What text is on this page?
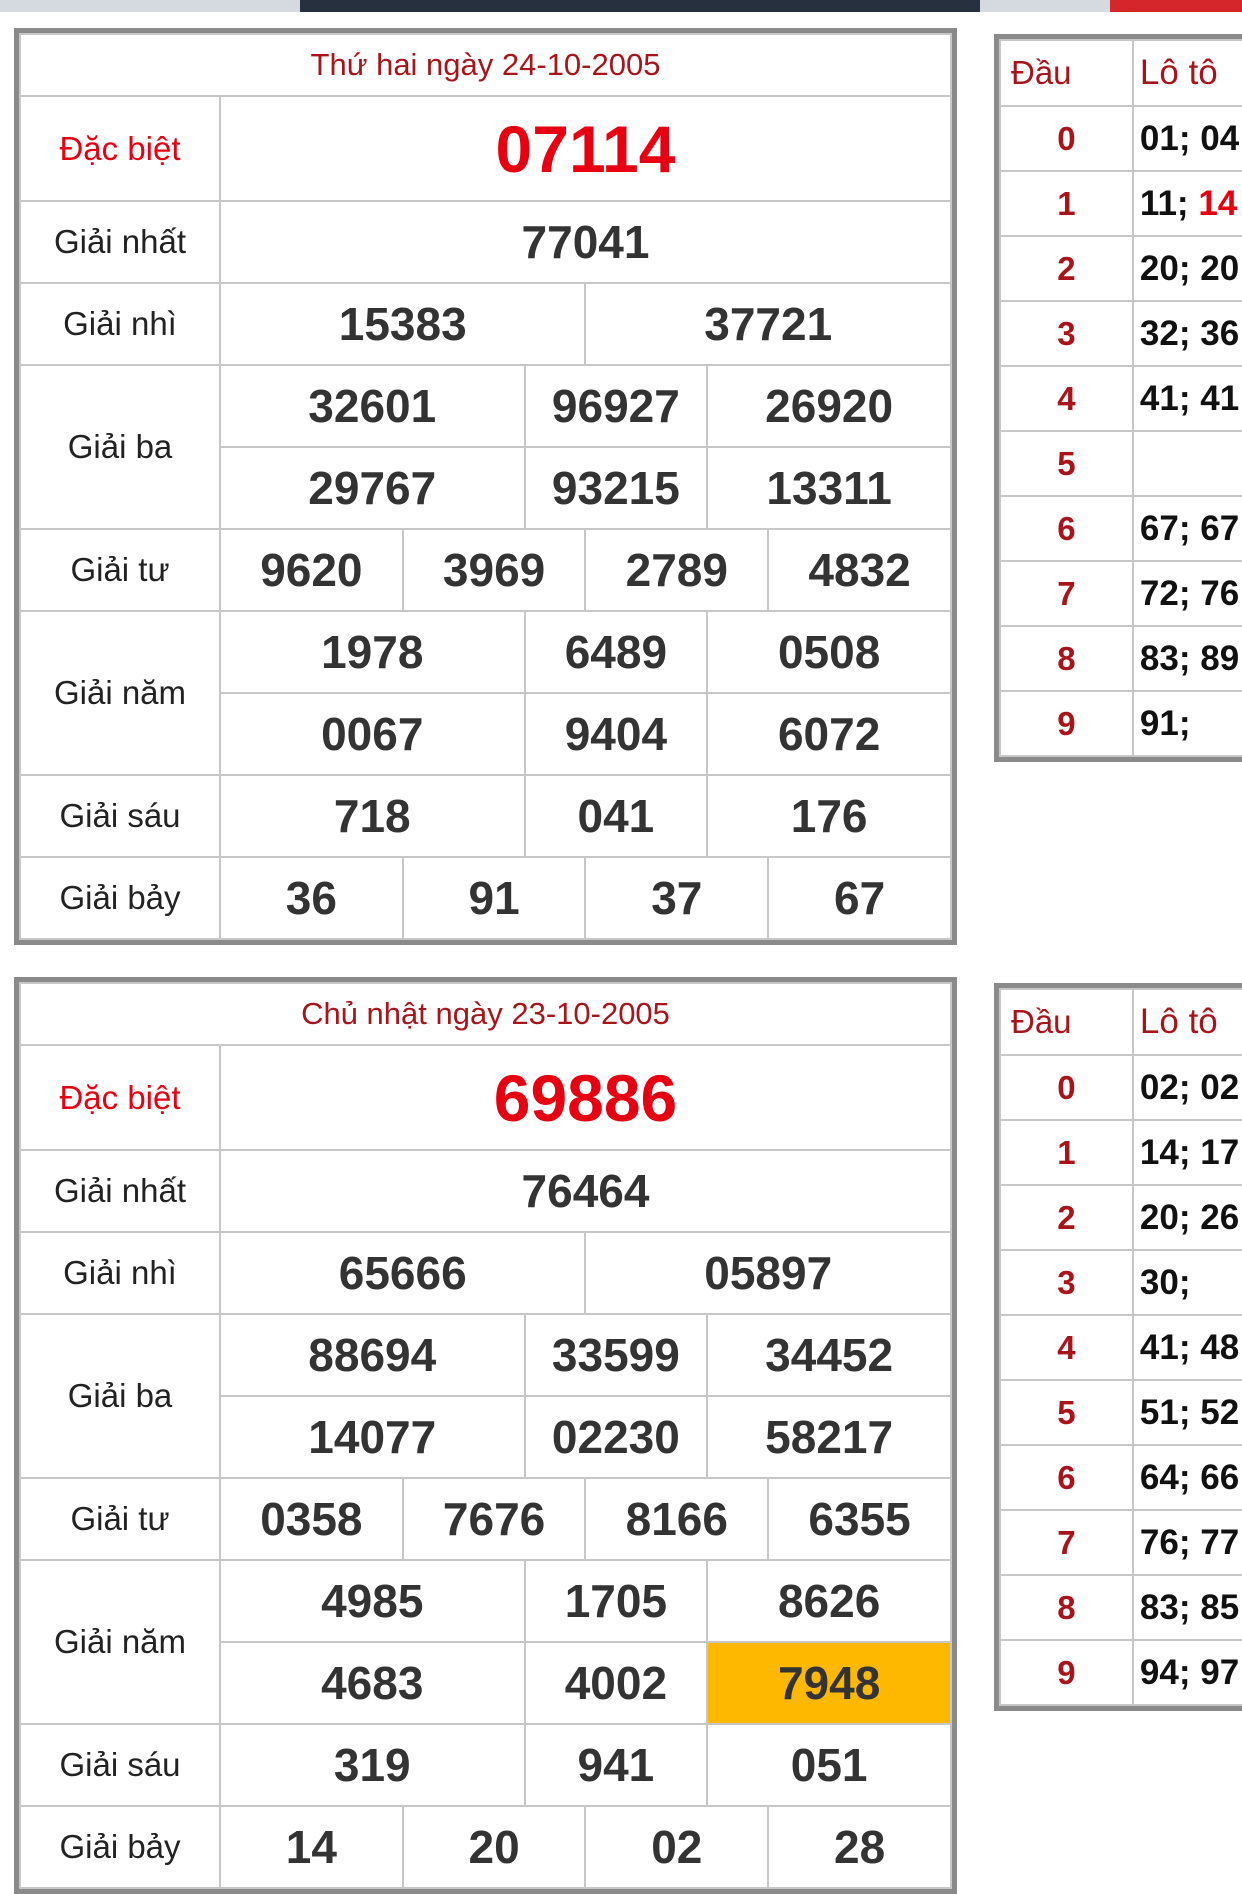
Thứ hai ngày 24-10-2005						
Đặc biệt	07114					
Giải nhất	77041					
Giải nhì	15383			37721		
Giải ba	32601		96927		26920	
	29767		93215		13311	
Giải tư	9620	3969		2789		4832
Giải năm	1978		6489		0508	
	0067		9404		6072	
Giải sáu	718		041		176	
Giải bảy	36	91		37		67
Đầu	Lô tô
0	01; 04
1	11; 14
2	20; 20
3	32; 36
4	41; 41
5	
6	67; 67
7	72; 76
8	83; 89
9	91;
Chủ nhật ngày 23-10-2005						
Đặc biệt	69886					
Giải nhất	76464					
Giải nhì	65666			05897		
Giải ba	88694		33599		34452	
	14077		02230		58217	
Giải tư	0358	7676		8166		6355
Giải năm	4985		1705		8626	
	4683		4002		7948	
Giải sáu	319		941		051	
Giải bảy	14	20		02		28
Đầu	Lô tô
0	02; 02
1	14; 17
2	20; 26
3	30;
4	41; 48
5	51; 52
6	64; 66
7	76; 77
8	83; 85
9	94; 97
